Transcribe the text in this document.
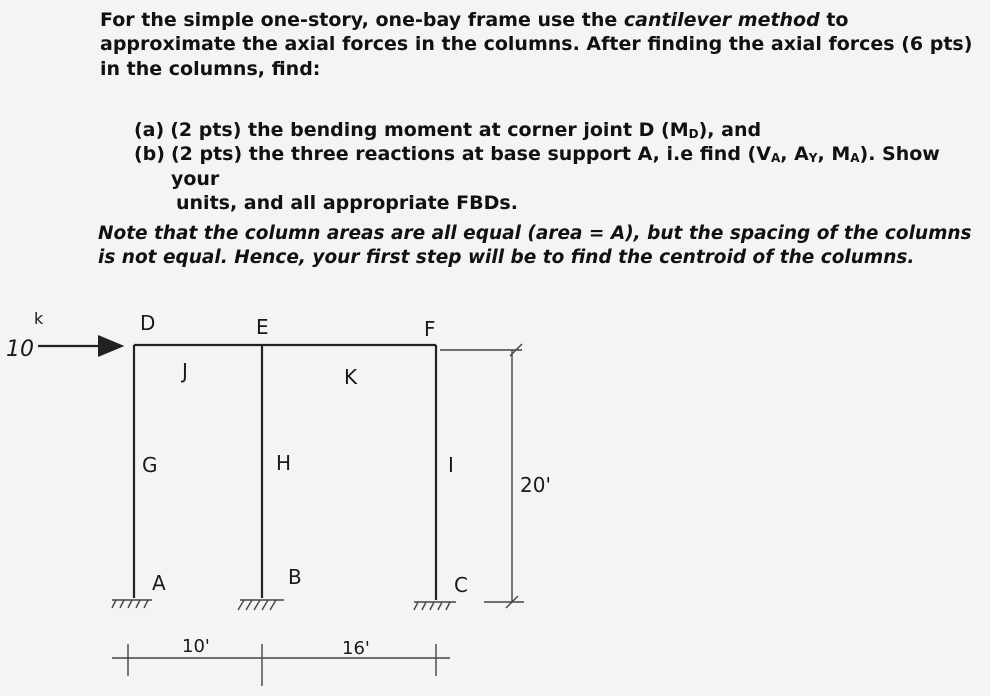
For the simple one-story, one-bay frame use the cantilever method to approximate the axial forces in the columns. After finding the axial forces (6 pts) in the columns, find:
(a) (2 pts) the bending moment at corner joint D $(M_D)$, and
(b) (2 pts) the three reactions at base support A, i.e find ($V_A$, $A_Y$, $M_A$). Show your
units, and all appropriate FBDs.
Note that the column areas are all equal (area = A), but the spacing of the columns is not equal. Hence, your first step will be to find the centroid of the columns.
10
k	D	E	F
A	B	C
J	K
G	H	I
20'
10'	16'
